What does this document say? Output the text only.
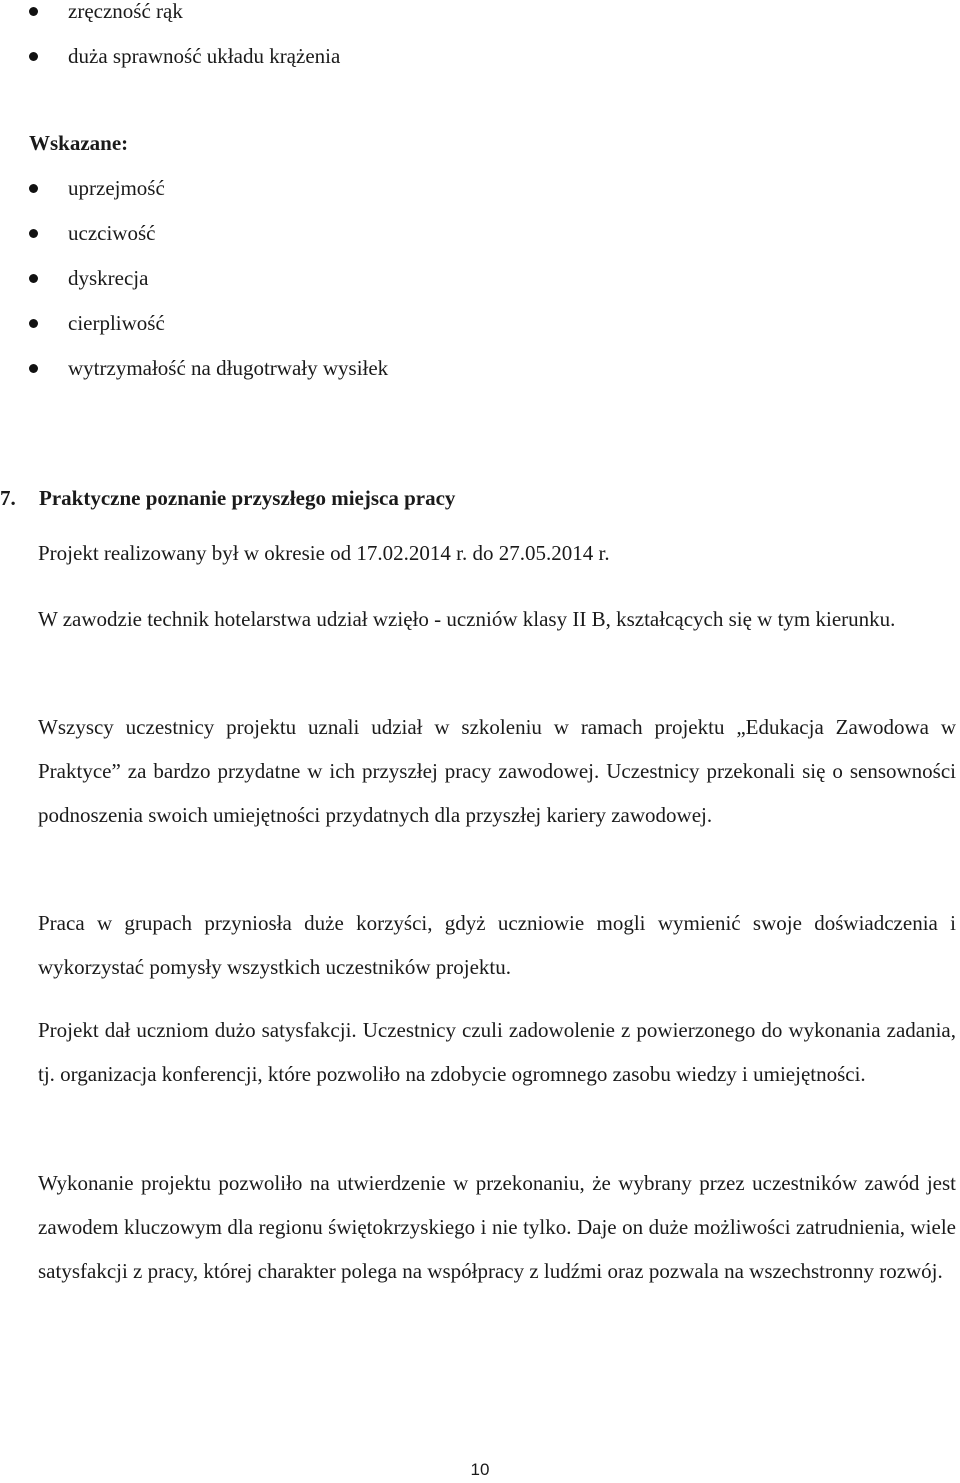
zręczność rąk
duża sprawność układu krążenia
Wskazane:
uprzejmość
uczciwość
dyskrecja
cierpliwość
wytrzymałość na długotrwały wysiłek
7. Praktyczne poznanie przyszłego miejsca pracy

Projekt realizowany był w okresie od 17.02.2014 r. do 27.05.2014 r.

W zawodzie technik hotelarstwa udział wzięło - uczniów klasy II B, kształcących się w tym kierunku.

Wszyscy uczestnicy projektu uznali udział w szkoleniu w ramach projektu „Edukacja Zawodowa w Praktyce” za bardzo przydatne w ich przyszłej pracy zawodowej. Uczestnicy przekonali się o sensowności podnoszenia swoich umiejętności przydatnych dla przyszłej kariery zawodowej.

Praca w grupach przyniosła duże korzyści, gdyż uczniowie mogli wymienić swoje doświadczenia i wykorzystać pomysły wszystkich uczestników projektu.

Projekt dał uczniom dużo satysfakcji. Uczestnicy czuli zadowolenie z powierzonego do wykonania zadania, tj. organizacja konferencji, które pozwoliło na zdobycie ogromnego zasobu wiedzy i umiejętności.

Wykonanie projektu pozwoliło na utwierdzenie w przekonaniu, że wybrany przez uczestników zawód jest zawodem kluczowym dla regionu świętokrzyskiego i nie tylko. Daje on duże możliwości zatrudnienia, wiele satysfakcji z pracy, której charakter polega na współpracy z ludźmi oraz pozwala na wszechstronny rozwój.

10
